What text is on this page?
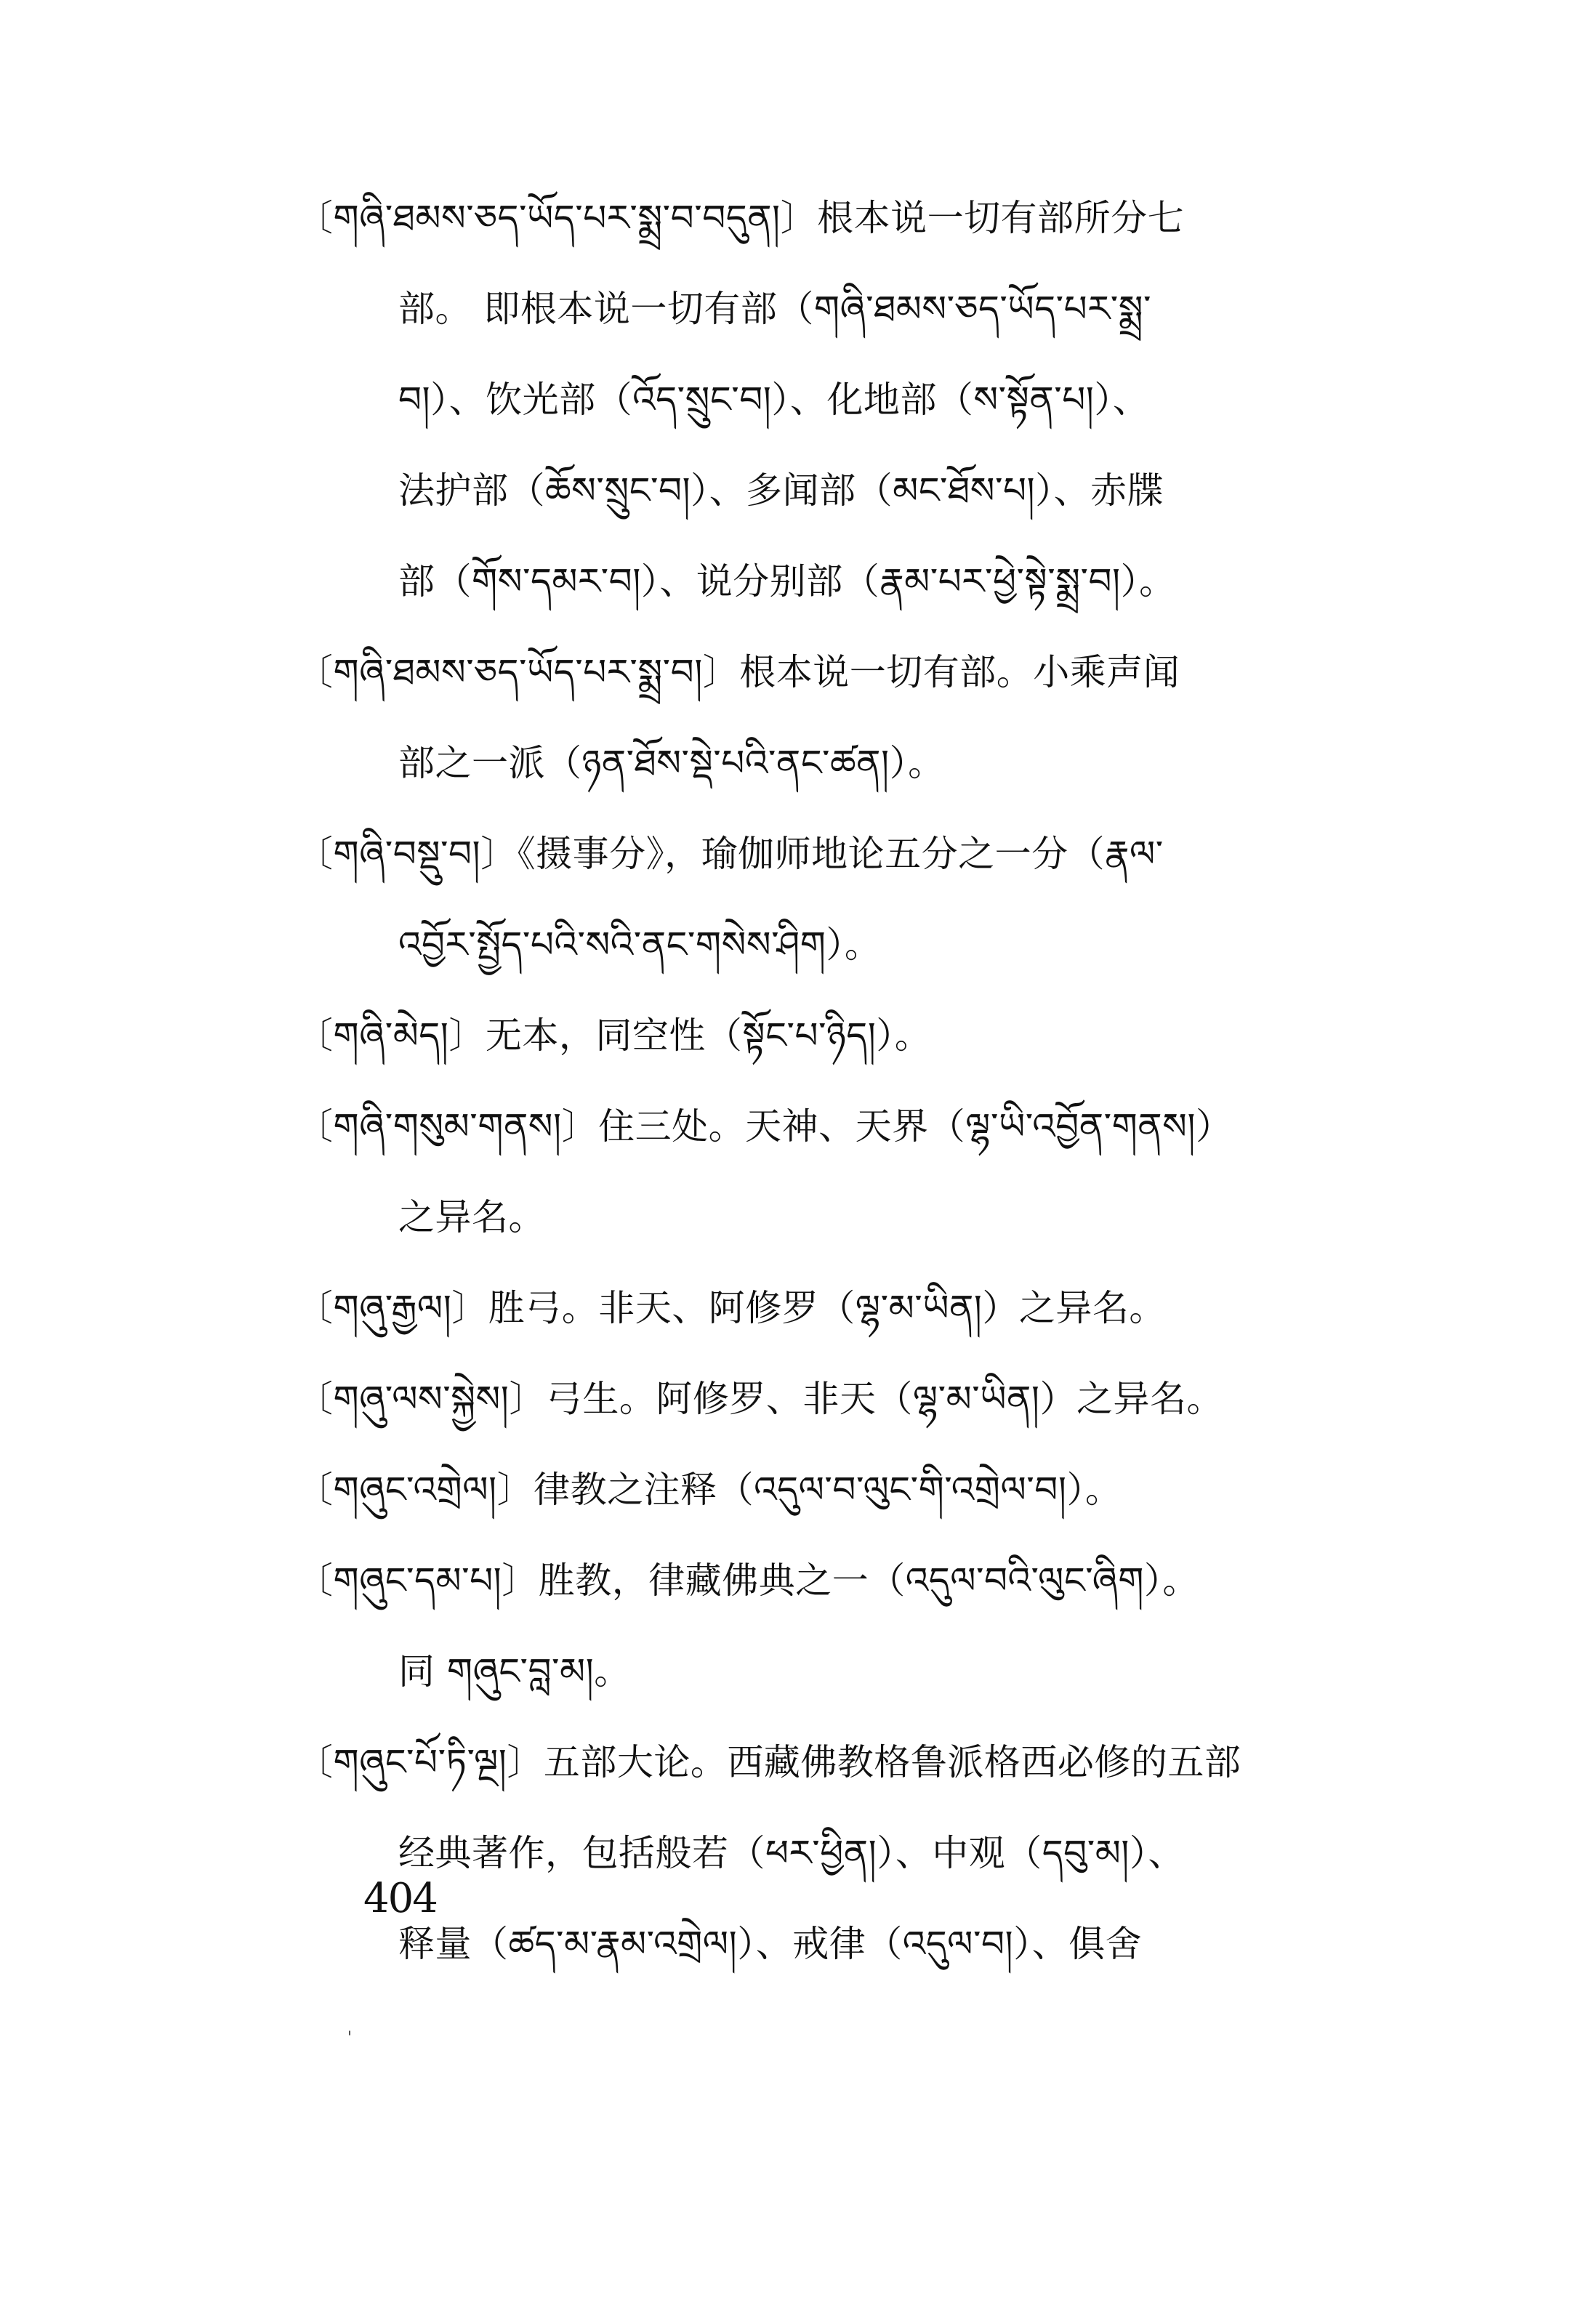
〔གཞི་ཐམས་ཅད་ཡོད་པར་སྨྲ་བ་བདུན།〕根本说一切有部所分七
部。 即根本说一切有部（གཞི་ཐམས་ཅད་ཡོད་པར་སྨྲ་
བ།）、饮光部（འོད་སྲུང་བ།）、化地部（ས་སྟོན་པ།）、
法护部（ཆོས་སྲུང་བ།）、多闻部（མང་ཐོས་པ།）、赤牒
部（གོས་དམར་བ།）、说分别部（རྣམ་པར་ཕྱེ་སྟེ་སྨྲ་བ།）。
〔གཞི་ཐམས་ཅད་ཡོད་པར་སྨྲ་བ།〕根本说一切有部。小乘声闻
部之一派（ཉན་ཐོས་སྡེ་པའི་ནང་ཚན།）。
〔གཞི་བསྡུ་བ།〕《摄事分》，瑜伽师地论五分之一分（རྣལ་
འབྱོར་སྤྱོད་པའི་སའི་ནང་གསེས་ཤིག）。
〔གཞི་མེད།〕无本，同空性（སྟོང་པ་ཉིད།）。
〔གཞི་གསུམ་གནས།〕住三处。天神、天界（ལྷ་ཡི་འབྱོན་གནས།）
之异名。
〔གཞུ་རྒྱལ།〕胜弓。非天、阿修罗（ལྷ་མ་ཡིན།）之异名。
〔གཞུ་ལས་སྐྱེས།〕弓生。阿修罗、非天（ལྷ་མ་ཡིན།）之异名。
〔གཞུང་འགྲེལ།〕律教之注释（འདུལ་བ་ལུང་གི་འགྲེལ་བ།）。
〔གཞུང་དམ་པ།〕胜教，律藏佛典之一（འདུལ་བའི་ལུང་ཞིག）。
同 གཞུང་བླ་མ།。
〔གཞུང་པོ་ཏི་ལྔ།〕五部大论。西藏佛教格鲁派格西必修的五部
经典著作，包括般若（ཕར་ཕྱིན།）、中观（དབུ་མ།）、
释量（ཚད་མ་རྣམ་འགྲེལ།）、戒律（འདུལ་བ།）、俱舍
404
'
